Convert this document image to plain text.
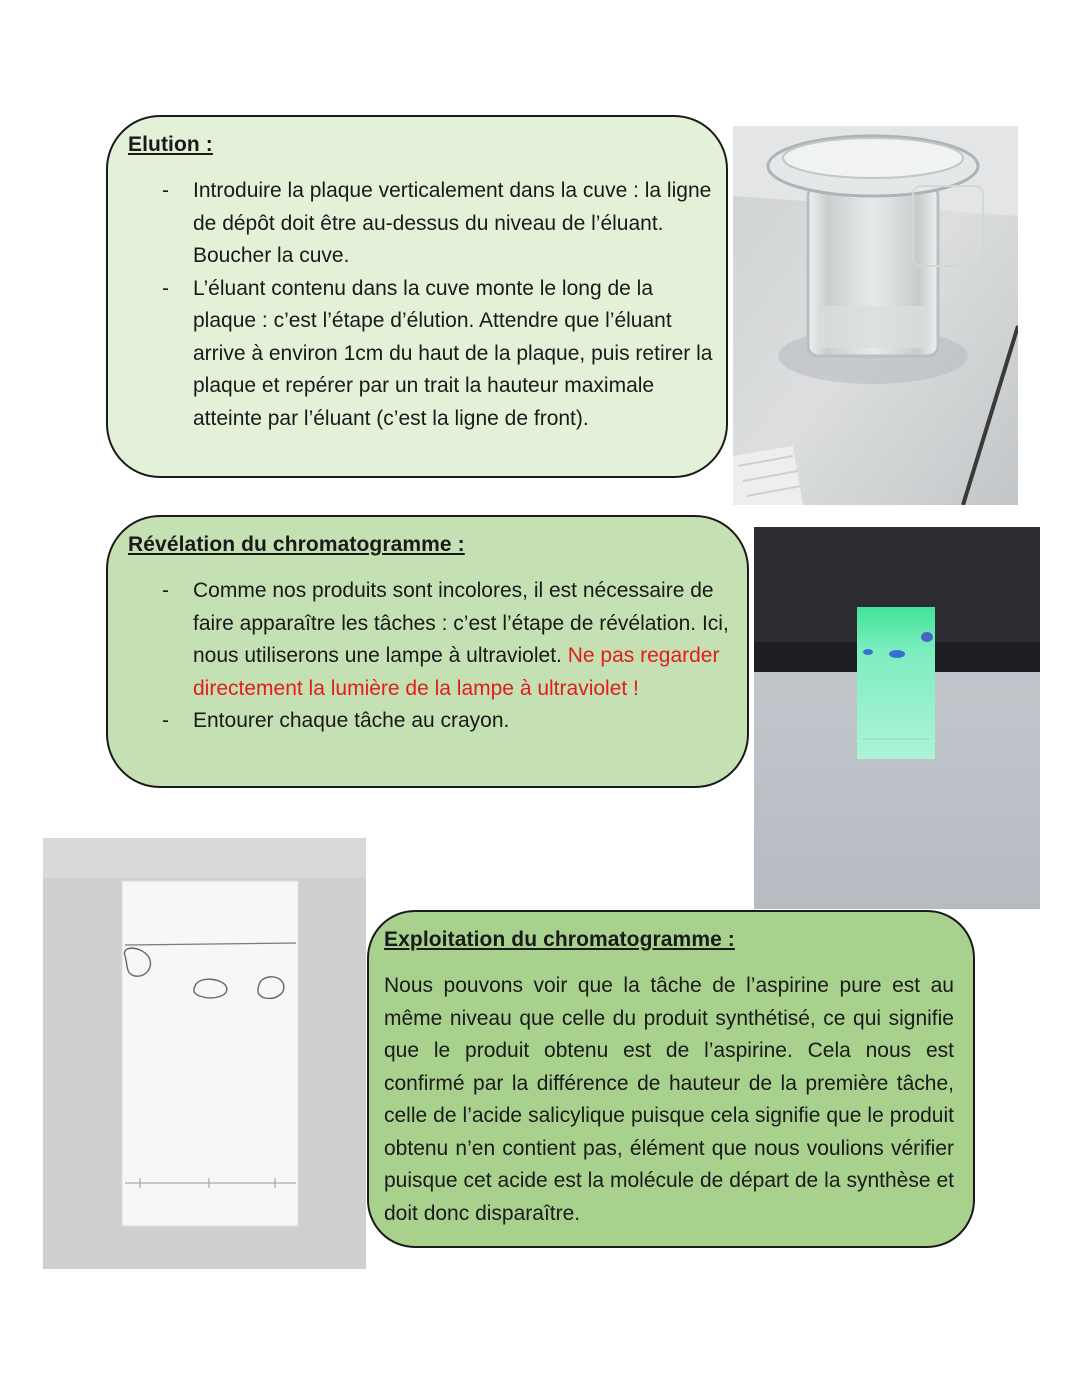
Elution :
- Introduire la plaque verticalement dans la cuve : la ligne de dépôt doit être au-dessus du niveau de l’éluant. Boucher la cuve.
- L’éluant contenu dans la cuve monte le long de la plaque : c’est l’étape d’élution. Attendre que l’éluant arrive à environ 1cm du haut de la plaque, puis retirer la plaque et repérer par un trait la hauteur maximale atteinte par l’éluant (c’est la ligne de front).
Révélation du chromatogramme :
- Comme nos produits sont incolores, il est nécessaire de faire apparaître les tâches : c’est l’étape de révélation. Ici, nous utiliserons une lampe à ultraviolet. Ne pas regarder directement la lumière de la lampe à ultraviolet !
- Entourer chaque tâche au crayon.
Exploitation du chromatogramme :

Nous pouvons voir que la tâche de l’aspirine pure est au même niveau que celle du produit synthétisé, ce qui signifie que le produit obtenu est de l’aspirine. Cela nous est confirmé par la différence de hauteur de la première tâche, celle de l’acide salicylique puisque cela signifie que le produit obtenu n’en contient pas, élément que nous voulions vérifier puisque cet acide est la molécule de départ de la synthèse et doit donc disparaître.
